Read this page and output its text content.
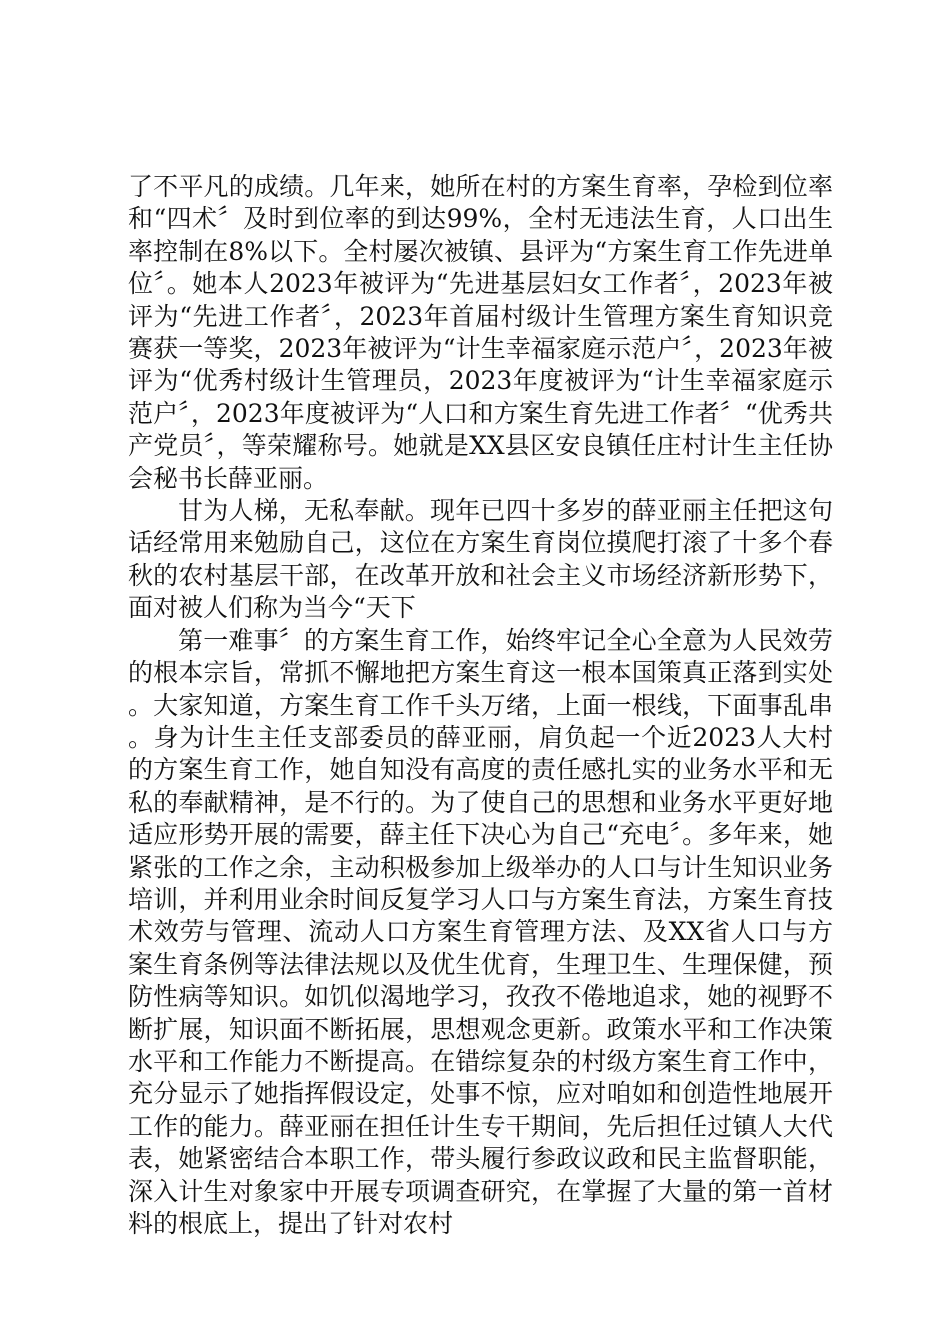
了不平凡的成绩。几年来，她所在村的方案生育率，孕检到位率和“四术〞及时到位率的到达99%，全村无违法生育，人口出生率控制在8%以下。全村屡次被镇、县评为“方案生育工作先进单位〞。她本人2023年被评为“先进基层妇女工作者〞，2023年被评为“先进工作者〞，2023年首届村级计生管理方案生育知识竞赛获一等奖，2023年被评为“计生幸福家庭示范户〞，2023年被评为“优秀村级计生管理员，2023年度被评为“计生幸福家庭示范户〞，2023年度被评为“人口和方案生育先进工作者〞“优秀共产党员〞，等荣耀称号。她就是XX县区安良镇任庄村计生主任协会秘书长薛亚丽。

甘为人梯，无私奉献。现年已四十多岁的薛亚丽主任把这句话经常用来勉励自己，这位在方案生育岗位摸爬打滚了十多个春秋的农村基层干部，在改革开放和社会主义市场经济新形势下，面对被人们称为当今“天下

第一难事〞的方案生育工作，始终牢记全心全意为人民效劳的根本宗旨，常抓不懈地把方案生育这一根本国策真正落到实处。大家知道，方案生育工作千头万绪，上面一根线，下面事乱串。身为计生主任支部委员的薛亚丽，肩负起一个近2023人大村的方案生育工作，她自知没有高度的责任感扎实的业务水平和无私的奉献精神，是不行的。为了使自己的思想和业务水平更好地适应形势开展的需要，薛主任下决心为自己“充电〞。多年来，她紧张的工作之余，主动积极参加上级举办的人口与计生知识业务培训，并利用业余时间反复学习人口与方案生育法，方案生育技术效劳与管理、流动人口方案生育管理方法、及XX省人口与方案生育条例等法律法规以及优生优育，生理卫生、生理保健，预防性病等知识。如饥似渴地学习，孜孜不倦地追求，她的视野不断扩展，知识面不断拓展，思想观念更新。政策水平和工作决策水平和工作能力不断提高。在错综复杂的村级方案生育工作中，充分显示了她指挥假设定，处事不惊，应对咱如和创造性地展开工作的能力。薛亚丽在担任计生专干期间，先后担任过镇人大代表，她紧密结合本职工作，带头履行参政议政和民主监督职能，深入计生对象家中开展专项调查研究，在掌握了大量的第一首材料的根底上，提出了针对农村
